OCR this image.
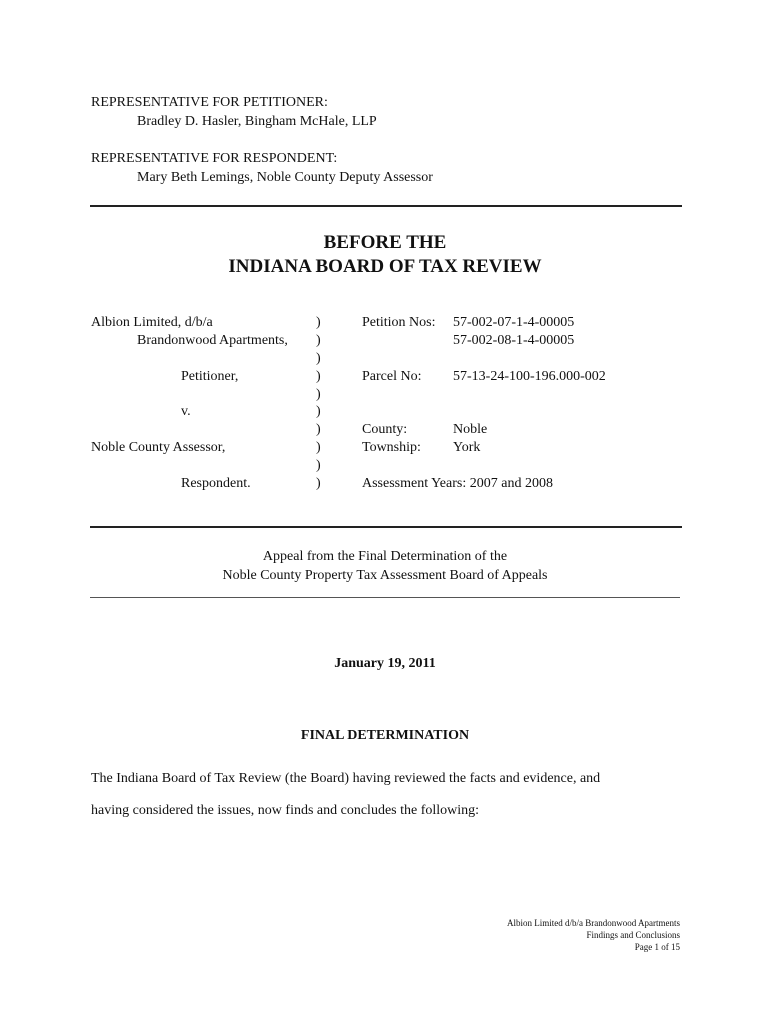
REPRESENTATIVE FOR PETITIONER:
Bradley D. Hasler, Bingham McHale, LLP
REPRESENTATIVE FOR RESPONDENT:
Mary Beth Lemings, Noble County Deputy Assessor
BEFORE THE
INDIANA BOARD OF TAX REVIEW
Albion Limited, d/b/a
Brandonwood Apartments,
Petitioner,
v.
Noble County Assessor,
Respondent.
)
)
)
)
)
)
)
)
)
)
Petition Nos: 57-002-07-1-4-00005
57-002-08-1-4-00005
Parcel No: 57-13-24-100-196.000-002
County:	Noble
Township: York
Assessment Years: 2007 and 2008
Appeal from the Final Determination of the
Noble County Property Tax Assessment Board of Appeals
January 19, 2011
FINAL DETERMINATION
The Indiana Board of Tax Review (the Board) having reviewed the facts and evidence, and
having considered the issues, now finds and concludes the following:
Albion Limited d/b/a Brandonwood Apartments
Findings and Conclusions
Page 1 of 15
